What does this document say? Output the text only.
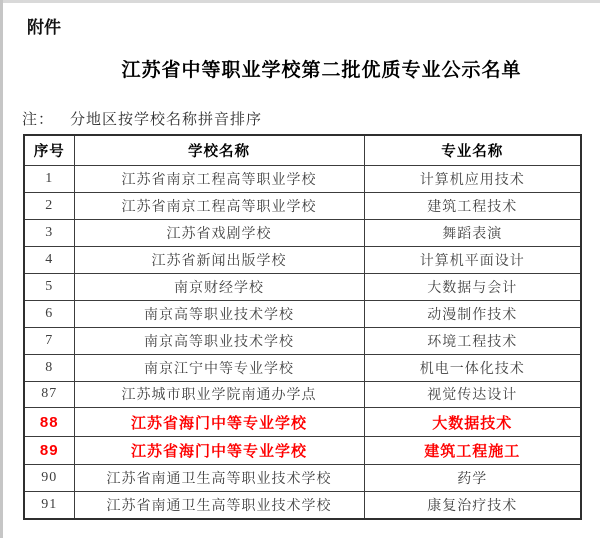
附件
江苏省中等职业学校第二批优质专业公示名单
注： 分地区按学校名称拼音排序
序号	学校名称	专业名称
1	江苏省南京工程高等职业学校	计算机应用技术
2	江苏省南京工程高等职业学校	建筑工程技术
3	江苏省戏剧学校	舞蹈表演
4	江苏省新闻出版学校	计算机平面设计
5	南京财经学校	大数据与会计
6	南京高等职业技术学校	动漫制作技术
7	南京高等职业技术学校	环境工程技术
8	南京江宁中等专业学校	机电一体化技术
87	江苏城市职业学院南通办学点	视觉传达设计
88	江苏省海门中等专业学校	大数据技术
89	江苏省海门中等专业学校	建筑工程施工
90	江苏省南通卫生高等职业技术学校	药学
91	江苏省南通卫生高等职业技术学校	康复治疗技术
